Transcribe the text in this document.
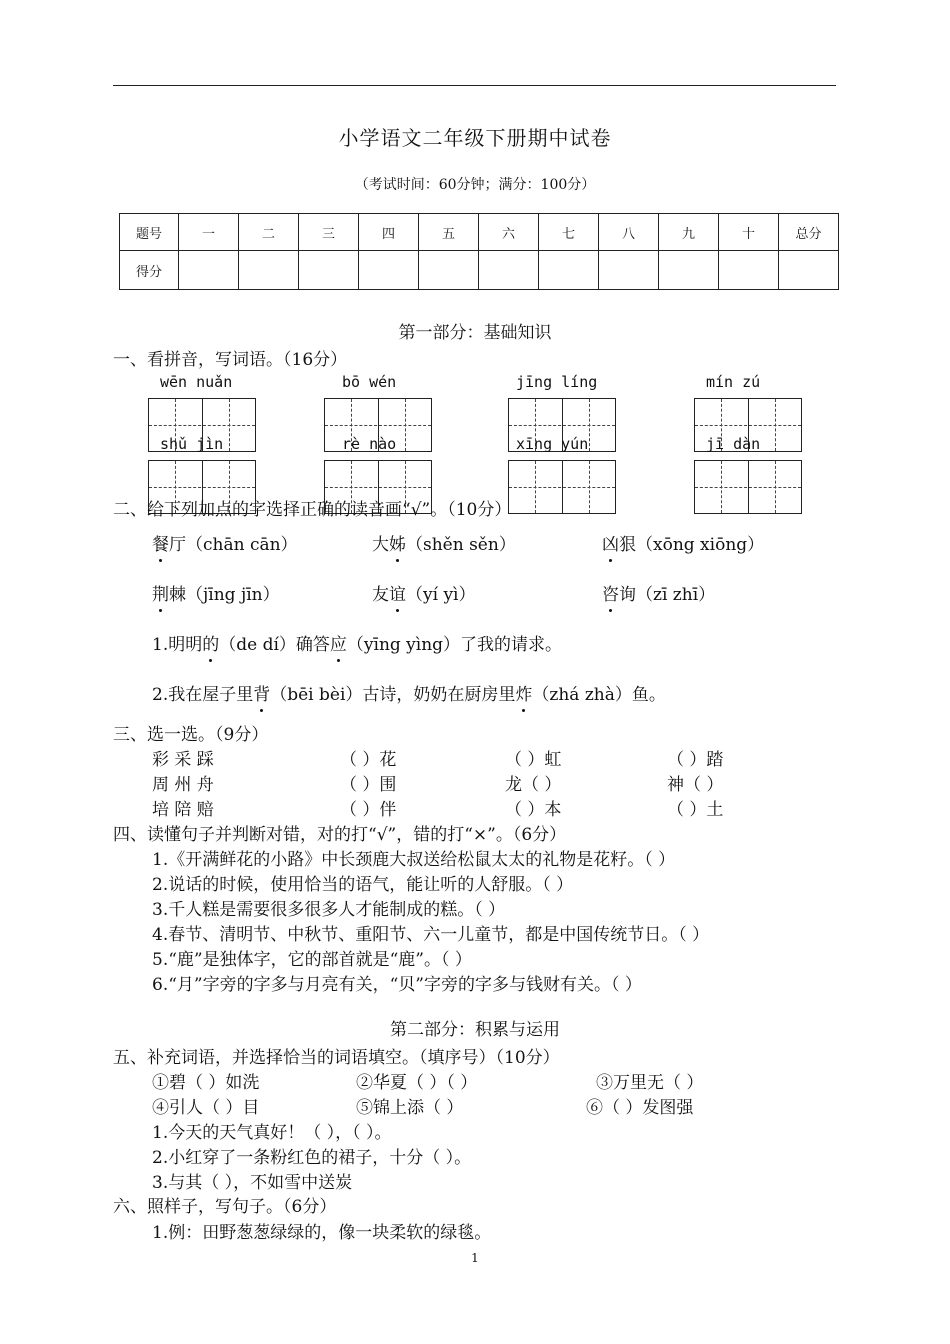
小学语文二年级下册期中试卷
（考试时间：60分钟；满分：100分）
题号	一	二	三	四	五	六	七	八	九	十	总分
得分											
第一部分：基础知识
一、看拼音，写词语。（16分）
wēn nuǎn	bō wén	jīng líng	mín zú
shǔ jìn	rè nào	xīng yún	jī dàn
二、给下列加点的字选择正确的读音画“√”。（10分）
餐厅（chān cān）	大姊（shěn sěn）	凶狠（xōng xiōng）
荆棘（jīng jīn）	友谊（yí yì）	咨询（zī zhī）
1.明明的（de dí）确答应（yīng yìng）了我的请求。
2.我在屋子里背（bēi bèi）古诗，奶奶在厨房里炸（zhá zhà）鱼。
三、选一选。（9分）
彩 采 踩	（ ）花	（ ）虹	（ ）踏
周 州 舟	（ ）围	龙（ ）	神（ ）
培 陪 赔	（ ）伴	（ ）本	（ ）土
四、读懂句子并判断对错，对的打“√”，错的打“×”。（6分）
1.《开满鲜花的小路》中长颈鹿大叔送给松鼠太太的礼物是花籽。（ ）
2.说话的时候，使用恰当的语气，能让听的人舒服。（ ）
3.千人糕是需要很多很多人才能制成的糕。（ ）
4.春节、清明节、中秋节、重阳节、六一儿童节，都是中国传统节日。（ ）
5.“鹿”是独体字，它的部首就是“鹿”。（ ）
6.“月”字旁的字多与月亮有关，“贝”字旁的字多与钱财有关。（ ）
第二部分：积累与运用
五、补充词语，并选择恰当的词语填空。（填序号）（10分）
①碧（ ）如洗	②华夏（ ）（ ）	③万里无（ ）
④引人（ ）目	⑤锦上添（ ）	⑥（ ）发图强
1.今天的天气真好！（ ），（ ）。
2.小红穿了一条粉红色的裙子，十分（ ）。
3.与其（ ），不如雪中送炭
六、照样子，写句子。（6分）
1.例：田野葱葱绿绿的，像一块柔软的绿毯。
1
